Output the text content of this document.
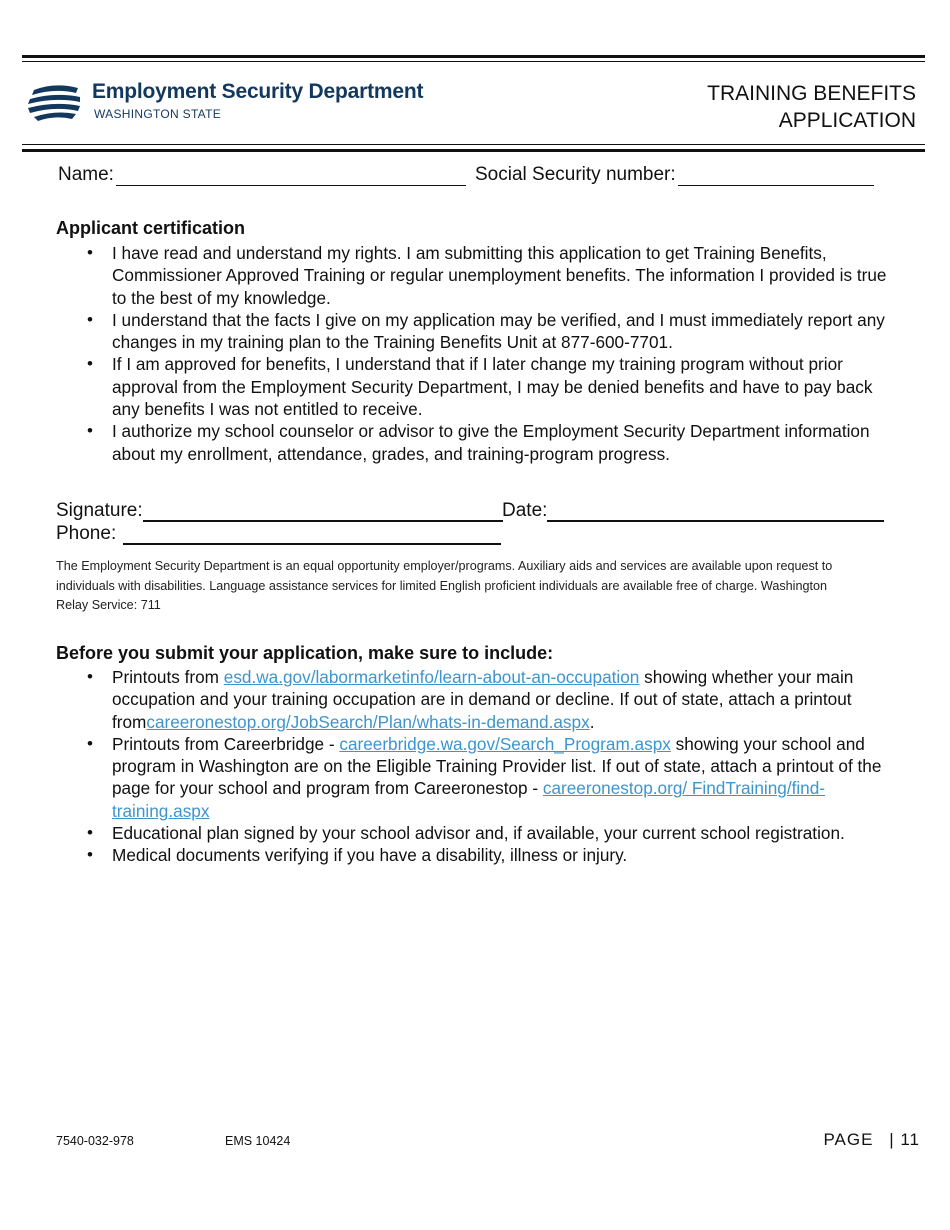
Employment Security Department
WASHINGTON STATE
TRAINING BENEFITS
APPLICATION
Name:	Social Security number:
Applicant certification
• I have read and understand my rights. I am submitting this application to get Training Benefits, Commissioner Approved Training or regular unemployment benefits. The information I provided is true to the best of my knowledge.
• I understand that the facts I give on my application may be verified, and I must immediately report any changes in my training plan to the Training Benefits Unit at 877-600-7701.
• If I am approved for benefits, I understand that if I later change my training program without prior approval from the Employment Security Department, I may be denied benefits and have to pay back any benefits I was not entitled to receive.
• I authorize my school counselor or advisor to give the Employment Security Department information about my enrollment, attendance, grades, and training-program progress.
Signature:	Date:
Phone:
The Employment Security Department is an equal opportunity employer/programs. Auxiliary aids and services are available upon request to individuals with disabilities. Language assistance services for limited English proficient individuals are available free of charge. Washington Relay Service: 711
Before you submit your application, make sure to include:
• Printouts from esd.wa.gov/labormarketinfo/learn-about-an-occupation showing whether your main occupation and your training occupation are in demand or decline. If out of state, attach a printout fromcareeronestop.org/JobSearch/Plan/whats-in-demand.aspx.
• Printouts from Careerbridge - careerbridge.wa.gov/Search_Program.aspx showing your school and program in Washington are on the Eligible Training Provider list. If out of state, attach a printout of the page for your school and program from Careeronestop - careeronestop.org/ FindTraining/find-training.aspx
• Educational plan signed by your school advisor and, if available, your current school registration.
• Medical documents verifying if you have a disability, illness or injury.
7540-032-978	EMS 10424	PAGE | 11
